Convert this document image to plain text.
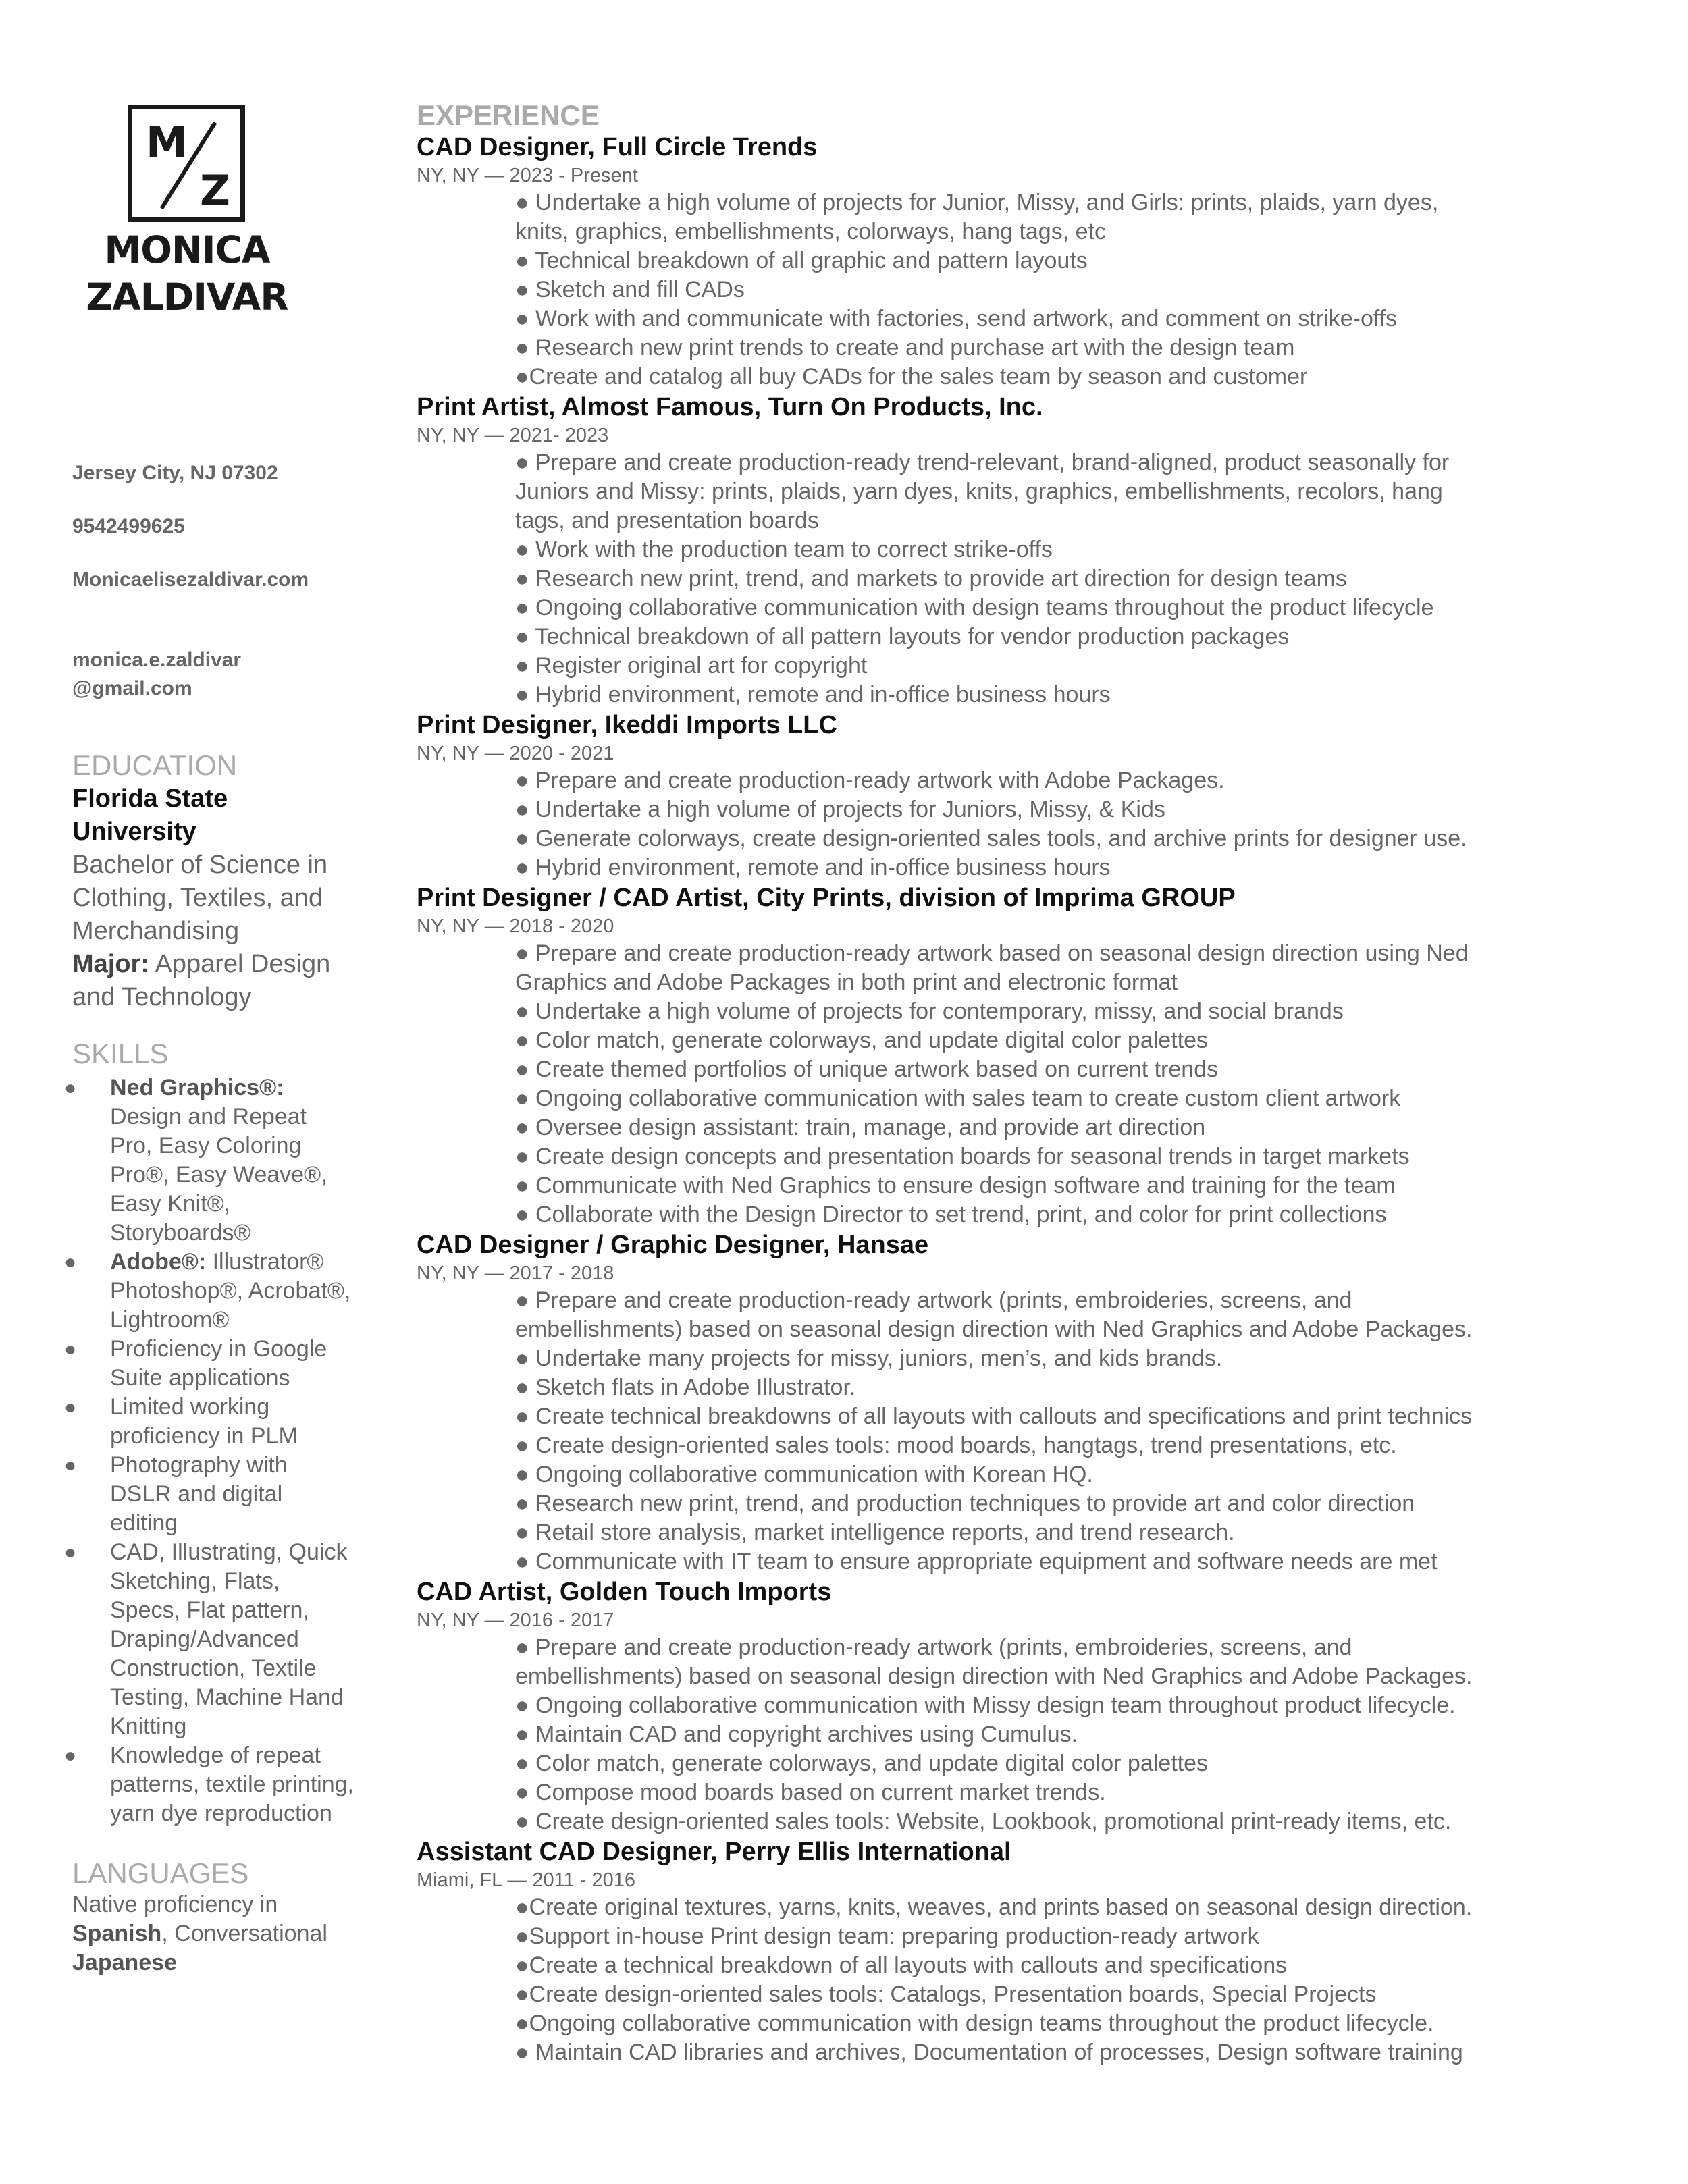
M
Z
MONICA
ZALDIVAR
Jersey City, NJ 07302
9542499625
Monicaelisezaldivar.com
monica.e.zaldivar
@gmail.com
EDUCATION
Florida State
University
Bachelor of Science in
Clothing, Textiles, and
Merchandising
Major: Apparel Design
and Technology
SKILLS
● Ned Graphics®:
Design and Repeat
Pro, Easy Coloring
Pro®, Easy Weave®,
Easy Knit®,
Storyboards®
● Adobe®: Illustrator®
Photoshop®, Acrobat®,
Lightroom®
● Proficiency in Google
Suite applications
● Limited working
proficiency in PLM
● Photography with
DSLR and digital
editing
● CAD, Illustrating, Quick
Sketching, Flats,
Specs, Flat pattern,
Draping/Advanced
Construction, Textile
Testing, Machine Hand
Knitting
● Knowledge of repeat
patterns, textile printing,
yarn dye reproduction
LANGUAGES
Native proficiency in
Spanish, Conversational
Japanese
EXPERIENCE
CAD Designer, Full Circle Trends
NY, NY — 2023 - Present
● Undertake a high volume of projects for Junior, Missy, and Girls: prints, plaids, yarn dyes,
knits, graphics, embellishments, colorways, hang tags, etc
● Technical breakdown of all graphic and pattern layouts
● Sketch and fill CADs
● Work with and communicate with factories, send artwork, and comment on strike-offs
● Research new print trends to create and purchase art with the design team
●Create and catalog all buy CADs for the sales team by season and customer
Print Artist, Almost Famous, Turn On Products, Inc.
NY, NY — 2021- 2023
● Prepare and create production-ready trend-relevant, brand-aligned, product seasonally for
Juniors and Missy: prints, plaids, yarn dyes, knits, graphics, embellishments, recolors, hang
tags, and presentation boards
● Work with the production team to correct strike-offs
● Research new print, trend, and markets to provide art direction for design teams
● Ongoing collaborative communication with design teams throughout the product lifecycle
● Technical breakdown of all pattern layouts for vendor production packages
● Register original art for copyright
● Hybrid environment, remote and in-office business hours
Print Designer, Ikeddi Imports LLC
NY, NY — 2020 - 2021
● Prepare and create production-ready artwork with Adobe Packages.
● Undertake a high volume of projects for Juniors, Missy, & Kids
● Generate colorways, create design-oriented sales tools, and archive prints for designer use.
● Hybrid environment, remote and in-office business hours
Print Designer / CAD Artist, City Prints, division of Imprima GROUP
NY, NY — 2018 - 2020
● Prepare and create production-ready artwork based on seasonal design direction using Ned
Graphics and Adobe Packages in both print and electronic format
● Undertake a high volume of projects for contemporary, missy, and social brands
● Color match, generate colorways, and update digital color palettes
● Create themed portfolios of unique artwork based on current trends
● Ongoing collaborative communication with sales team to create custom client artwork
● Oversee design assistant: train, manage, and provide art direction
● Create design concepts and presentation boards for seasonal trends in target markets
● Communicate with Ned Graphics to ensure design software and training for the team
● Collaborate with the Design Director to set trend, print, and color for print collections
CAD Designer / Graphic Designer, Hansae
NY, NY — 2017 - 2018
● Prepare and create production-ready artwork (prints, embroideries, screens, and
embellishments) based on seasonal design direction with Ned Graphics and Adobe Packages.
● Undertake many projects for missy, juniors, men’s, and kids brands.
● Sketch flats in Adobe Illustrator.
● Create technical breakdowns of all layouts with callouts and specifications and print technics
● Create design-oriented sales tools: mood boards, hangtags, trend presentations, etc.
● Ongoing collaborative communication with Korean HQ.
● Research new print, trend, and production techniques to provide art and color direction
● Retail store analysis, market intelligence reports, and trend research.
● Communicate with IT team to ensure appropriate equipment and software needs are met
CAD Artist, Golden Touch Imports
NY, NY — 2016 - 2017
● Prepare and create production-ready artwork (prints, embroideries, screens, and
embellishments) based on seasonal design direction with Ned Graphics and Adobe Packages.
● Ongoing collaborative communication with Missy design team throughout product lifecycle.
● Maintain CAD and copyright archives using Cumulus.
● Color match, generate colorways, and update digital color palettes
● Compose mood boards based on current market trends.
● Create design-oriented sales tools: Website, Lookbook, promotional print-ready items, etc.
Assistant CAD Designer, Perry Ellis International
Miami, FL — 2011 - 2016
●Create original textures, yarns, knits, weaves, and prints based on seasonal design direction.
●Support in-house Print design team: preparing production-ready artwork
●Create a technical breakdown of all layouts with callouts and specifications
●Create design-oriented sales tools: Catalogs, Presentation boards, Special Projects
●Ongoing collaborative communication with design teams throughout the product lifecycle.
● Maintain CAD libraries and archives, Documentation of processes, Design software training
